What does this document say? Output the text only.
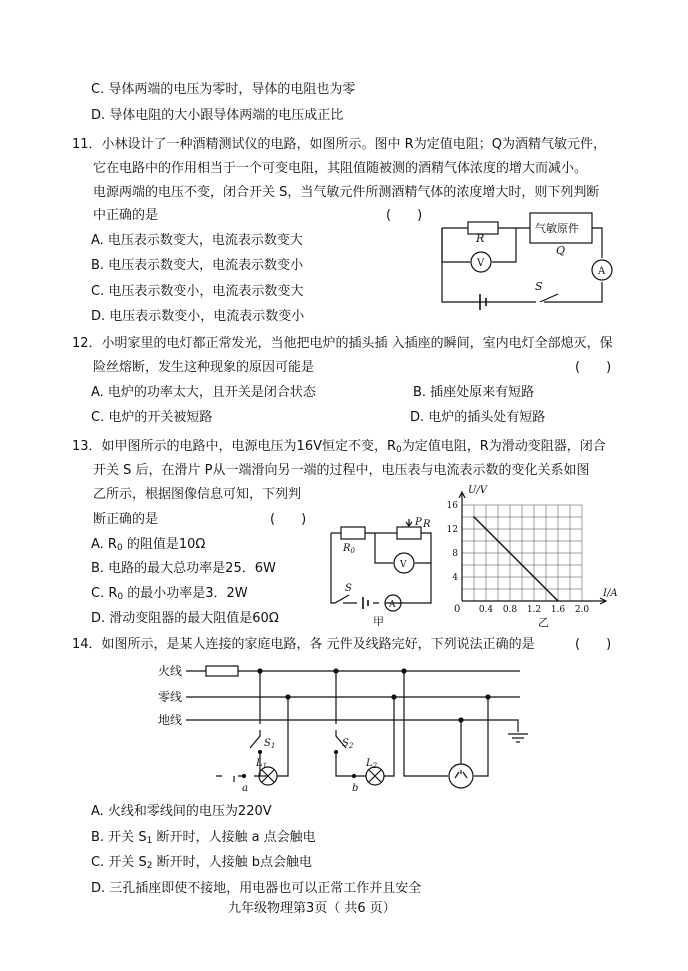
C. 导体两端的电压为零时，导体的电阻也为零
D. 导体电阻的大小跟导体两端的电压成正比
11．小林设计了一种酒精测试仪的电路，如图所示。图中 R为定值电阻；Q为酒精气敏元件，
它在电路中的作用相当于一个可变电阻，其阻值随被测的酒精气体浓度的增大而减小。
电源两端的电压不变，闭合开关 S，当气敏元件所测酒精气体的浓度增大时，则下列判断
中正确的是	(　　)
A. 电压表示数变大，电流表示数变大
B. 电压表示数变大，电流表示数变小
C. 电压表示数变小，电流表示数变大
D. 电压表示数变小，电流表示数变小
R
气敏原件
Q
V
A
S
12．小明家里的电灯都正常发光，当他把电炉的插头插 入插座的瞬间，室内电灯全部熄灭，保
险丝熔断，发生这种现象的原因可能是	(　　)
A. 电炉的功率太大，且开关是闭合状态	B. 插座处原来有短路
C. 电炉的开关被短路	D. 电炉的插头处有短路
13．如甲图所示的电路中，电源电压为16V恒定不变，$R_0$为定值电阻，R为滑动变阻器，闭合
开关 S 后，在滑片 P从一端滑向另一端的过程中，电压表与电流表示数的变化关系如图
乙所示，根据图像信息可知，下列判
断正确的是	(　　)
A. $R_0$ 的阻值是10Ω
B. 电路的最大总功率是25．6W
C. $R_0$ 的最小功率是3．2W
D. 滑动变阻器的最大阻值是60Ω
$R_0$
P R
V
S
A
甲
0.4 0.8 1.2 1.6 2.0
4
8
12
16
U/V
I/A
0
乙
14．如图所示，是某人连接的家庭电路，各 元件及线路完好，下列说法正确的是	(　　)
火线
零线
地线
$S_1$
$L_1$
a
$S_2$
$L_2$
b
A. 火线和零线间的电压为220V
B. 开关 $S_1$ 断开时，人接触 a 点会触电
C. 开关 $S_2$ 断开时，人接触 b点会触电
D. 三孔插座即使不接地，用电器也可以正常工作并且安全
九年级物理第3页（ 共6 页）
